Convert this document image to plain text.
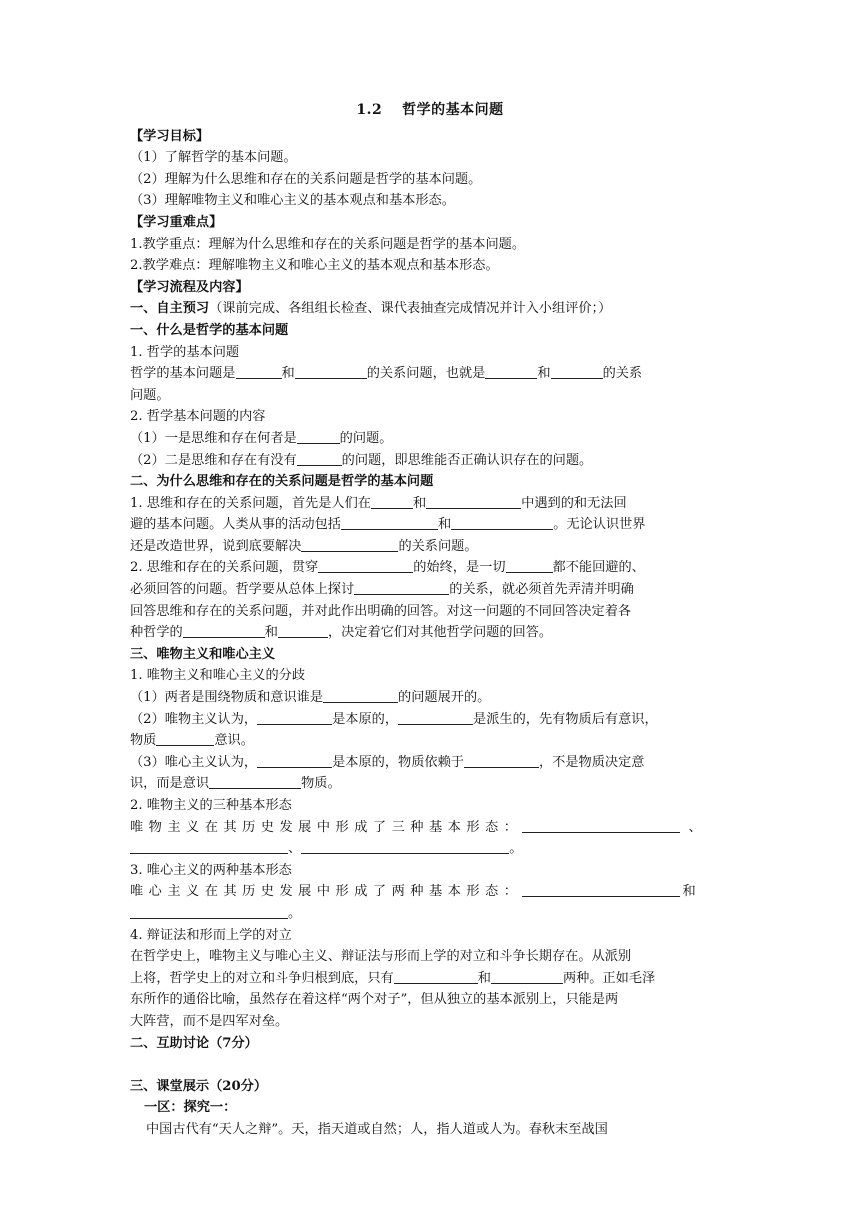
1.2　 哲学的基本问题
【学习目标】
（1）了解哲学的基本问题。
（2）理解为什么思维和存在的关系问题是哲学的基本问题。
（3）理解唯物主义和唯心主义的基本观点和基本形态。
【学习重难点】
1.教学重点：理解为什么思维和存在的关系问题是哲学的基本问题。
2.教学难点：理解唯物主义和唯心主义的基本观点和基本形态。
【学习流程及内容】
一、自主预习（课前完成、各组组长检查、课代表抽查完成情况并计入小组评价；）
一、什么是哲学的基本问题
1. 哲学的基本问题
哲学的基本问题是	和	的关系问题，也就是	和	的关系
问题。
2. 哲学基本问题的内容
（1）一是思维和存在何者是	的问题。
（2）二是思维和存在有没有	的问题，即思维能否正确认识存在的问题。
二、为什么思维和存在的关系问题是哲学的基本问题
1. 思维和存在的关系问题，首先是人们在	和	中遇到的和无法回
避的基本问题。人类从事的活动包括	和	。无论认识世界
还是改造世界，说到底要解决	的关系问题。
2. 思维和存在的关系问题，贯穿	的始终，是一切	都不能回避的、
必须回答的问题。哲学要从总体上探讨	的关系，就必须首先弄清并明确
回答思维和存在的关系问题，并对此作出明确的回答。对这一问题的不同回答决定着各
种哲学的	和	，决定着它们对其他哲学问题的回答。
三、唯物主义和唯心主义
1. 唯物主义和唯心主义的分歧
（1）两者是围绕物质和意识谁是	的问题展开的。
（2）唯物主义认为，	是本原的，	是派生的，先有物质后有意识，
物质	意识。
（3）唯心主义认为，	是本原的，物质依赖于	，不是物质决定意
识，而是意识	物质。
2. 唯物主义的三种基本形态
唯物主义在其历史发展中形成了三种基本形态：	、
、	。
3. 唯心主义的两种基本形态
唯心主义在其历史发展中形成了两种基本形态：	和
。
4. 辩证法和形而上学的对立
在哲学史上，唯物主义与唯心主义、辩证法与形而上学的对立和斗争长期存在。从派别
上将，哲学史上的对立和斗争归根到底，只有	和	两种。正如毛泽
东所作的通俗比喻，虽然存在着这样“两个对子”，但从独立的基本派别上，只能是两
大阵营，而不是四军对垒。
二、互助讨论（7分）
三、课堂展示（20分）
一区：探究一：
中国古代有“天人之辩”。天，指天道或自然；人，指人道或人为。春秋末至战国
